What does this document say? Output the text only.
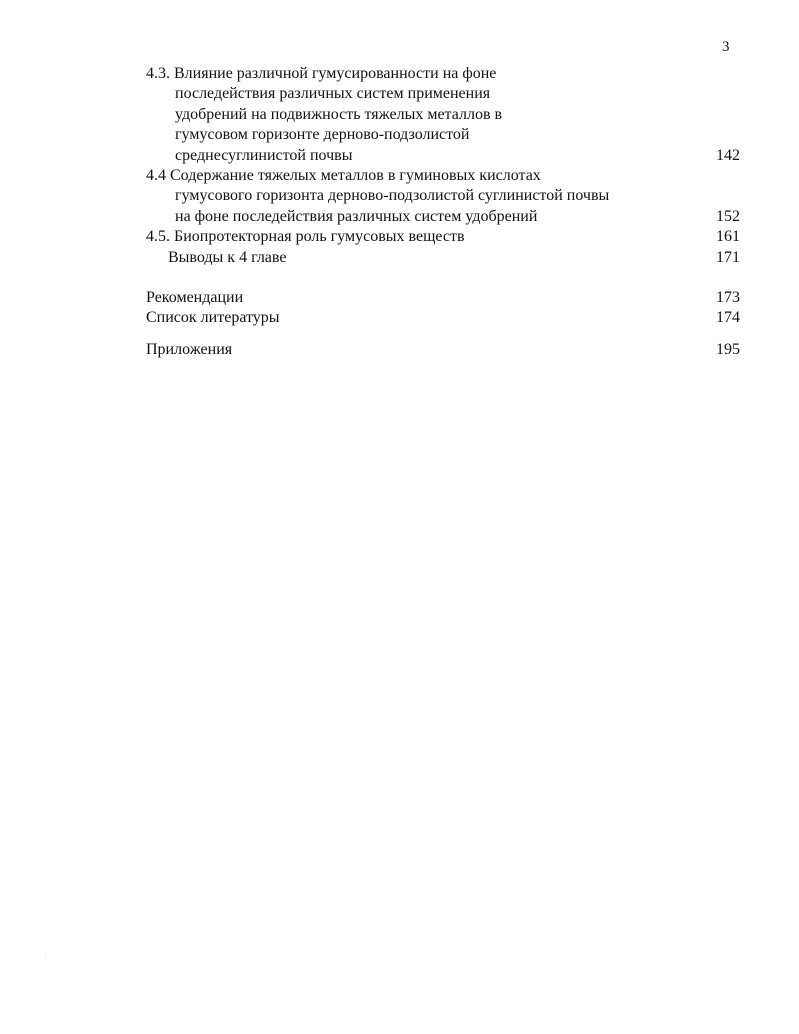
3
4.3. Влияние различной гумусированности на фоне
последействия различных систем применения
удобрений на подвижность тяжелых металлов в
гумусовом горизонте дерново-подзолистой
среднесуглинистой почвы	142
4.4 Содержание тяжелых металлов в гуминовых кислотах
гумусового горизонта дерново-подзолистой суглинистой почвы
на фоне последействия различных систем удобрений	152
4.5. Биопротекторная роль гумусовых веществ	161
Выводы к 4 главе	171
Рекомендации	173
Список литературы	174
Приложения	195
